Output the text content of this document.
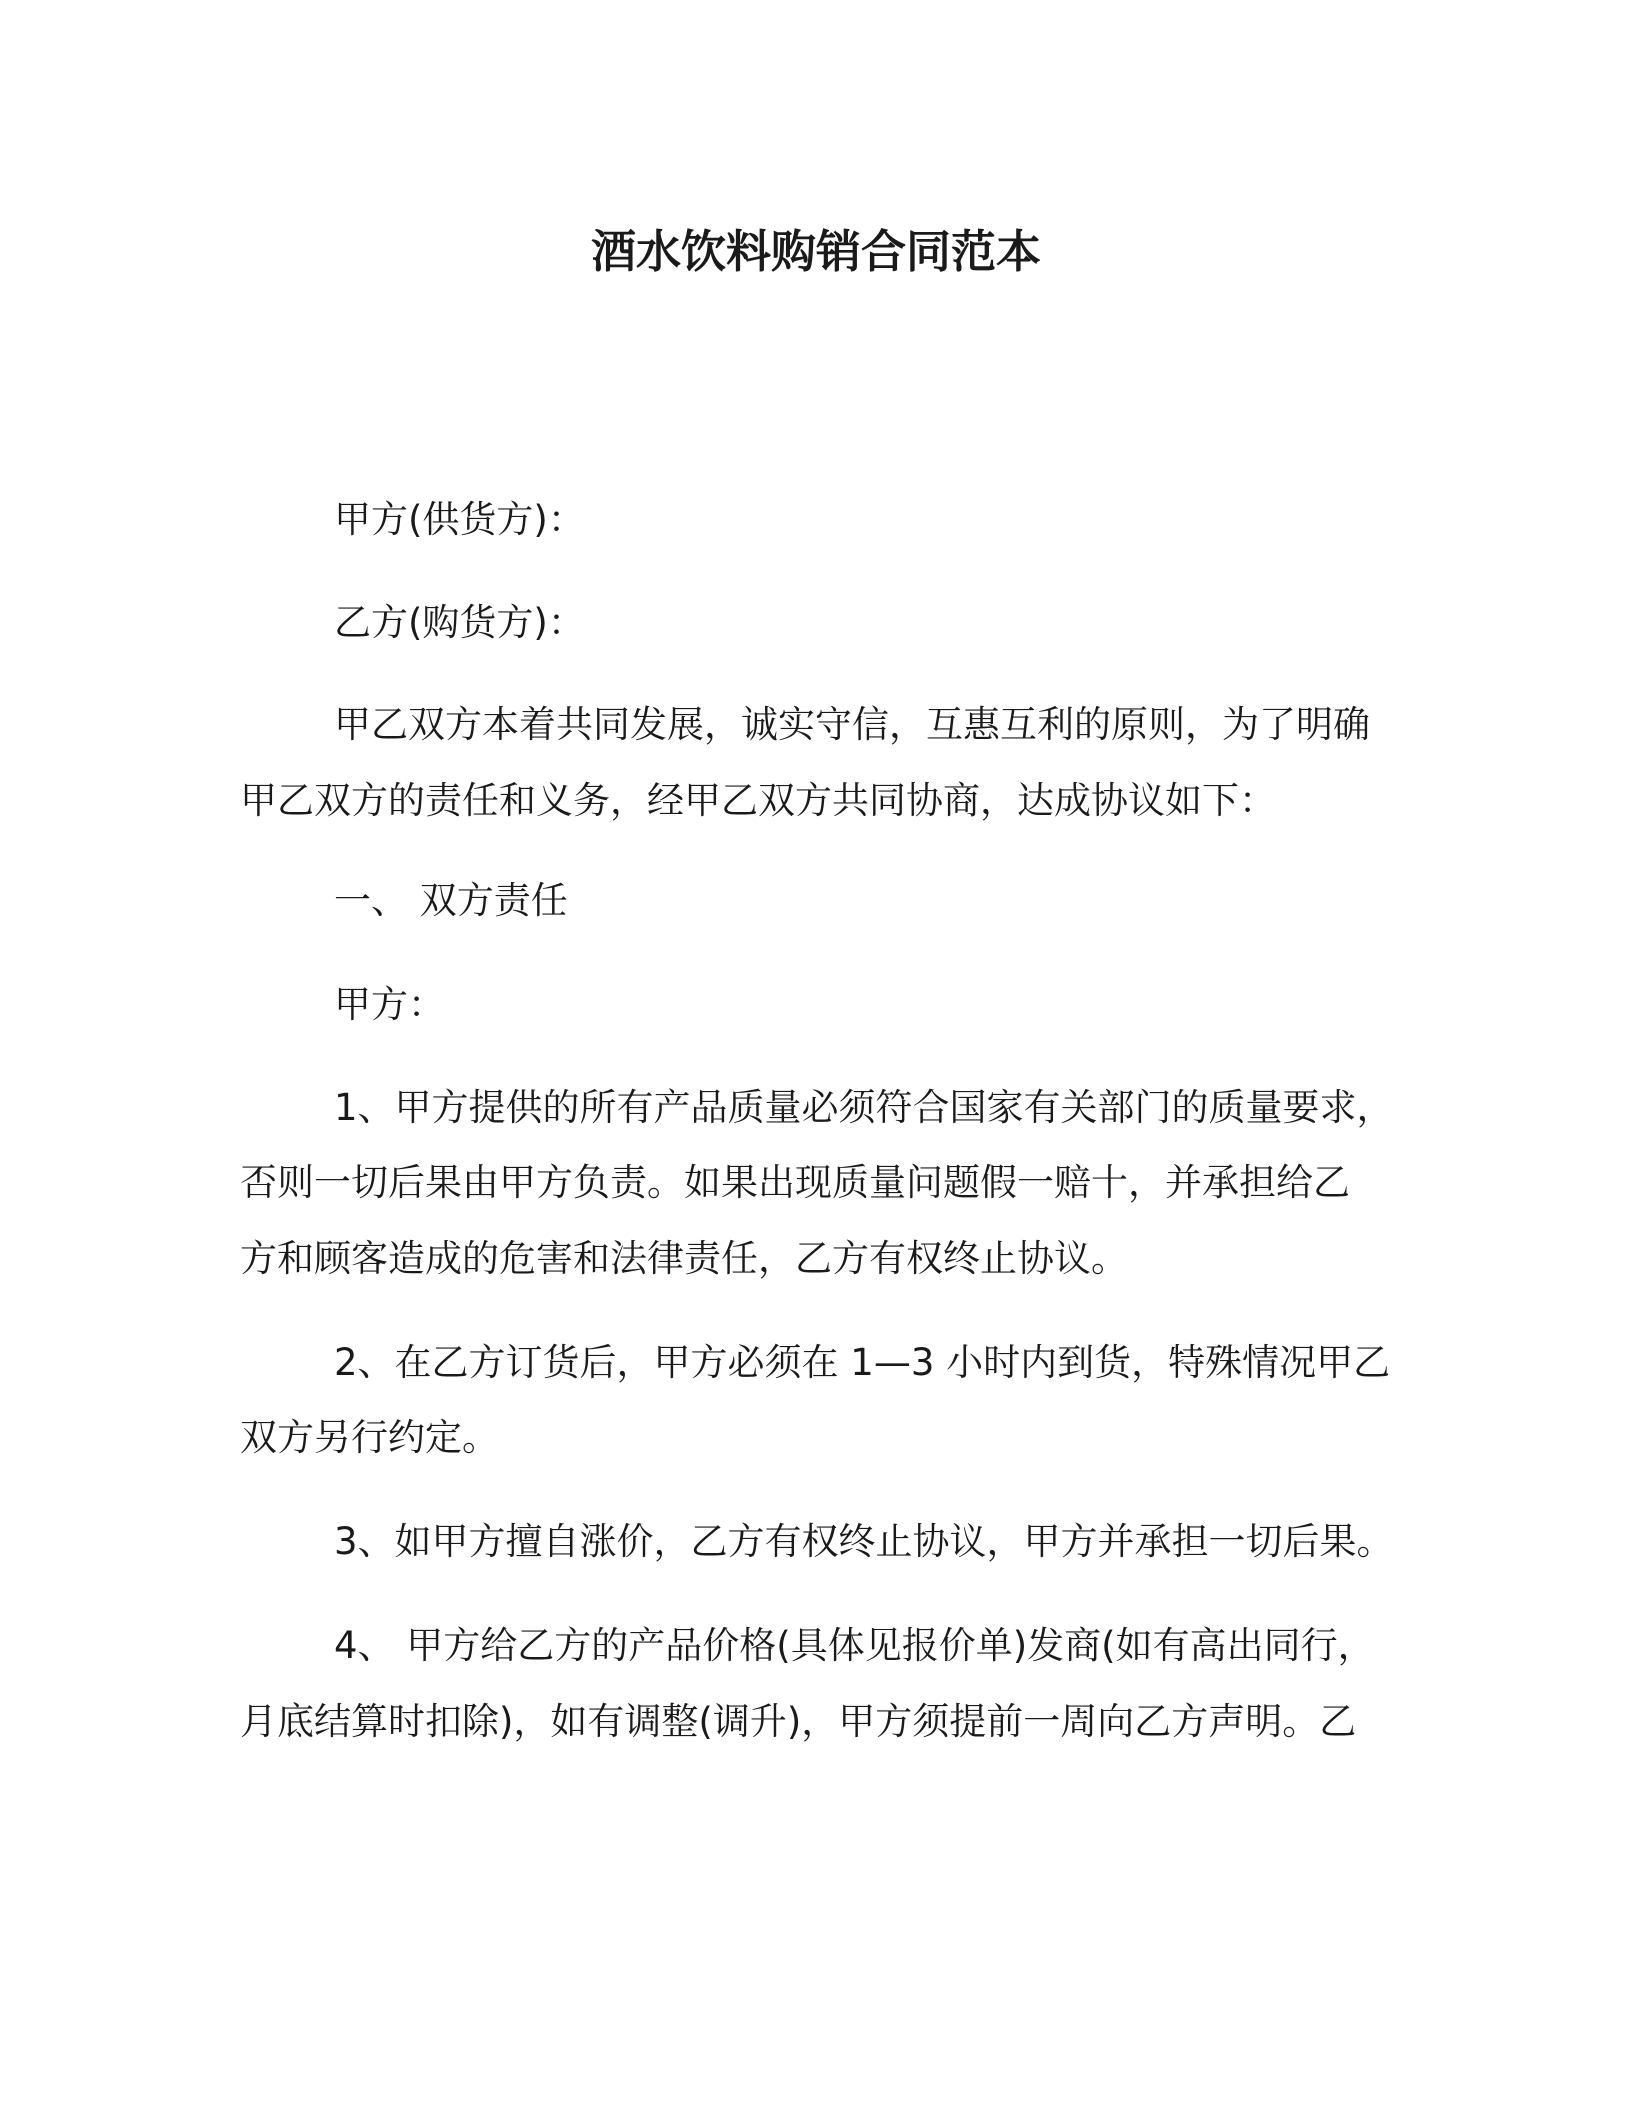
酒水饮料购销合同范本
甲方(供货方)：
乙方(购货方)：
甲乙双方本着共同发展，诚实守信，互惠互利的原则，为了明确
甲乙双方的责任和义务，经甲乙双方共同协商，达成协议如下：
一、 双方责任
甲方：
1、甲方提供的所有产品质量必须符合国家有关部门的质量要求，
否则一切后果由甲方负责。如果出现质量问题假一赔十，并承担给乙
方和顾客造成的危害和法律责任，乙方有权终止协议。
2、在乙方订货后，甲方必须在 1—3 小时内到货，特殊情况甲乙
双方另行约定。
3、如甲方擅自涨价，乙方有权终止协议，甲方并承担一切后果。
4、 甲方给乙方的产品价格(具体见报价单)发商(如有高出同行，
月底结算时扣除)，如有调整(调升)，甲方须提前一周向乙方声明。乙
